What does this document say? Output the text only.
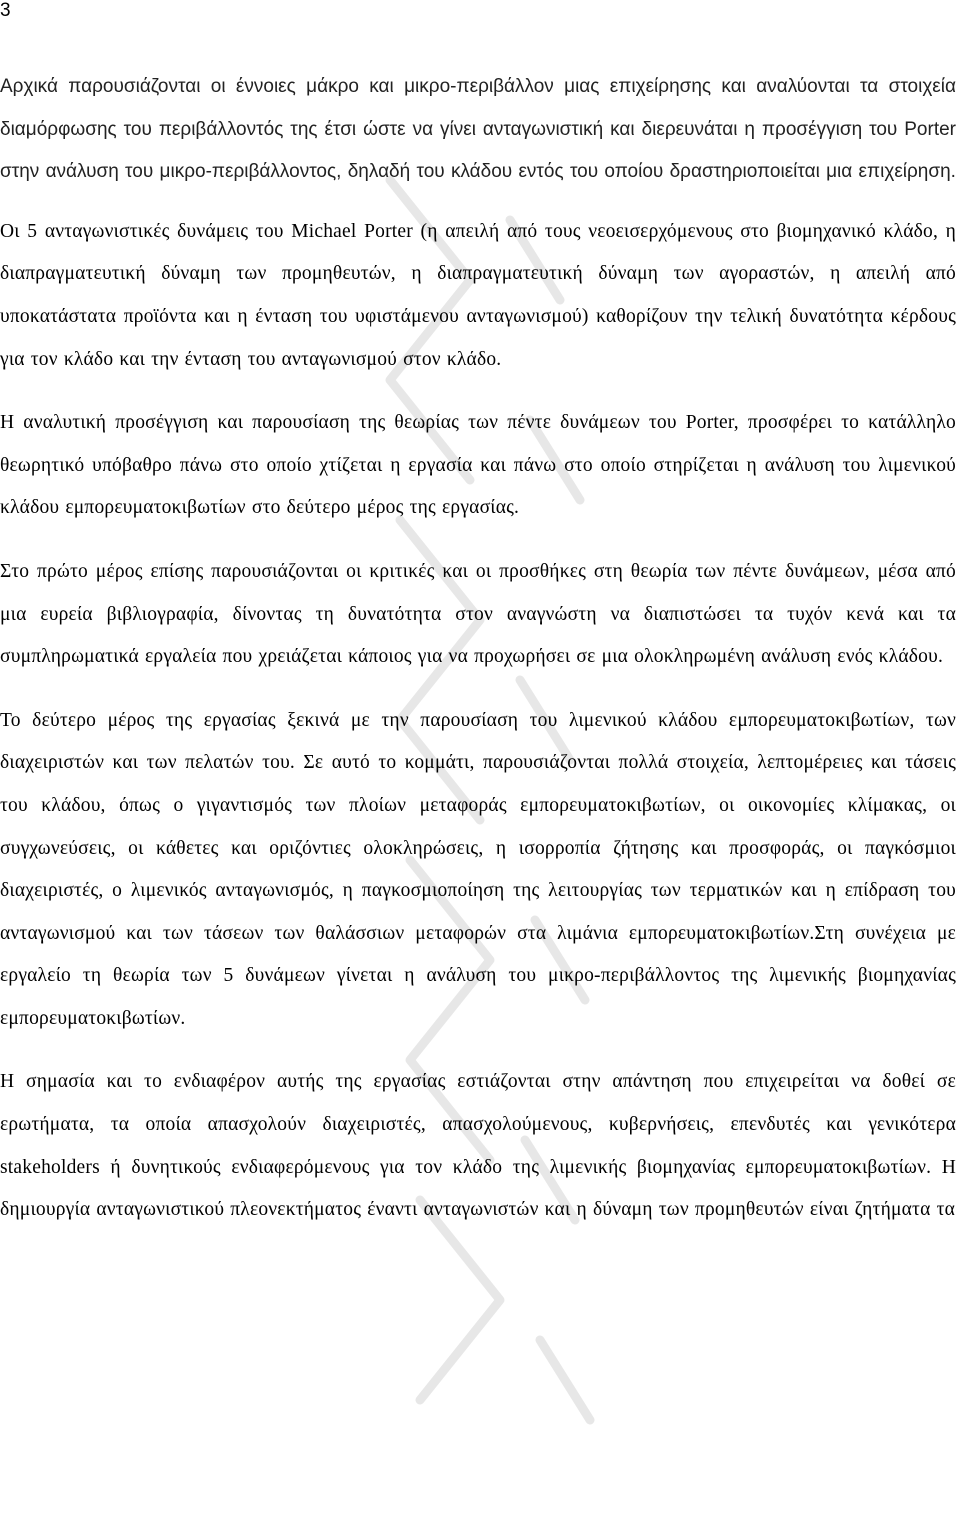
3

Αρχικά παρουσιάζονται οι έννοιες μάκρο και μικρο-περιβάλλον μιας επιχείρησης και αναλύονται τα στοιχεία διαμόρφωσης του περιβάλλοντός της έτσι ώστε να γίνει ανταγωνιστική και διερευνάται η προσέγγιση του Porter στην ανάλυση του μικρο-περιβάλλοντος, δηλαδή του κλάδου εντός του οποίου δραστηριοποιείται μια επιχείρηση.

Οι 5 ανταγωνιστικές δυνάμεις του Michael Porter (η απειλή από τους νεοεισερχόμενους στο βιομηχανικό κλάδο, η διαπραγματευτική δύναμη των προμηθευτών, η διαπραγματευτική δύναμη των αγοραστών, η απειλή από υποκατάστατα προϊόντα και η ένταση του υφιστάμενου ανταγωνισμού) καθορίζουν την τελική δυνατότητα κέρδους για τον κλάδο και την ένταση του ανταγωνισμού στον κλάδο.

Η αναλυτική προσέγγιση και παρουσίαση της θεωρίας των πέντε δυνάμεων του Porter, προσφέρει το κατάλληλο θεωρητικό υπόβαθρο πάνω στο οποίο χτίζεται η εργασία και πάνω στο οποίο στηρίζεται η ανάλυση του λιμενικού κλάδου εμπορευματοκιβωτίων στο δεύτερο μέρος της εργασίας.

Στο πρώτο μέρος επίσης παρουσιάζονται οι κριτικές και οι προσθήκες στη θεωρία των πέντε δυνάμεων, μέσα από μια ευρεία βιβλιογραφία, δίνοντας τη δυνατότητα στον αναγνώστη να διαπιστώσει τα τυχόν κενά και τα συμπληρωματικά εργαλεία που χρειάζεται κάποιος για να προχωρήσει σε μια ολοκληρωμένη ανάλυση ενός κλάδου.

Το δεύτερο μέρος της εργασίας ξεκινά με την παρουσίαση του λιμενικού κλάδου εμπορευματοκιβωτίων, των διαχειριστών και των πελατών του. Σε αυτό το κομμάτι, παρουσιάζονται πολλά στοιχεία, λεπτομέρειες και τάσεις του κλάδου, όπως ο γιγαντισμός των πλοίων μεταφοράς εμπορευματοκιβωτίων, οι οικονομίες κλίμακας, οι συγχωνεύσεις, οι κάθετες και οριζόντιες ολοκληρώσεις, η ισορροπία ζήτησης και προσφοράς, οι παγκόσμιοι διαχειριστές, ο λιμενικός ανταγωνισμός, η παγκοσμιοποίηση της λειτουργίας των τερματικών και η επίδραση του ανταγωνισμού και των τάσεων των θαλάσσιων μεταφορών στα λιμάνια εμπορευματοκιβωτίων.Στη συνέχεια με εργαλείο τη θεωρία των 5 δυνάμεων γίνεται η ανάλυση του μικρο-περιβάλλοντος της λιμενικής βιομηχανίας εμπορευματοκιβωτίων.

Η σημασία και το ενδιαφέρον αυτής της εργασίας εστιάζονται στην απάντηση που επιχειρείται να δοθεί σε ερωτήματα, τα οποία απασχολούν διαχειριστές, απασχολούμενους, κυβερνήσεις, επενδυτές και γενικότερα stakeholders ή δυνητικούς ενδιαφερόμενους για τον κλάδο της λιμενικής βιομηχανίας εμπορευματοκιβωτίων. Η δημιουργία ανταγωνιστικού πλεονεκτήματος έναντι ανταγωνιστών και η δύναμη των προμηθευτών είναι ζητήματα τα
